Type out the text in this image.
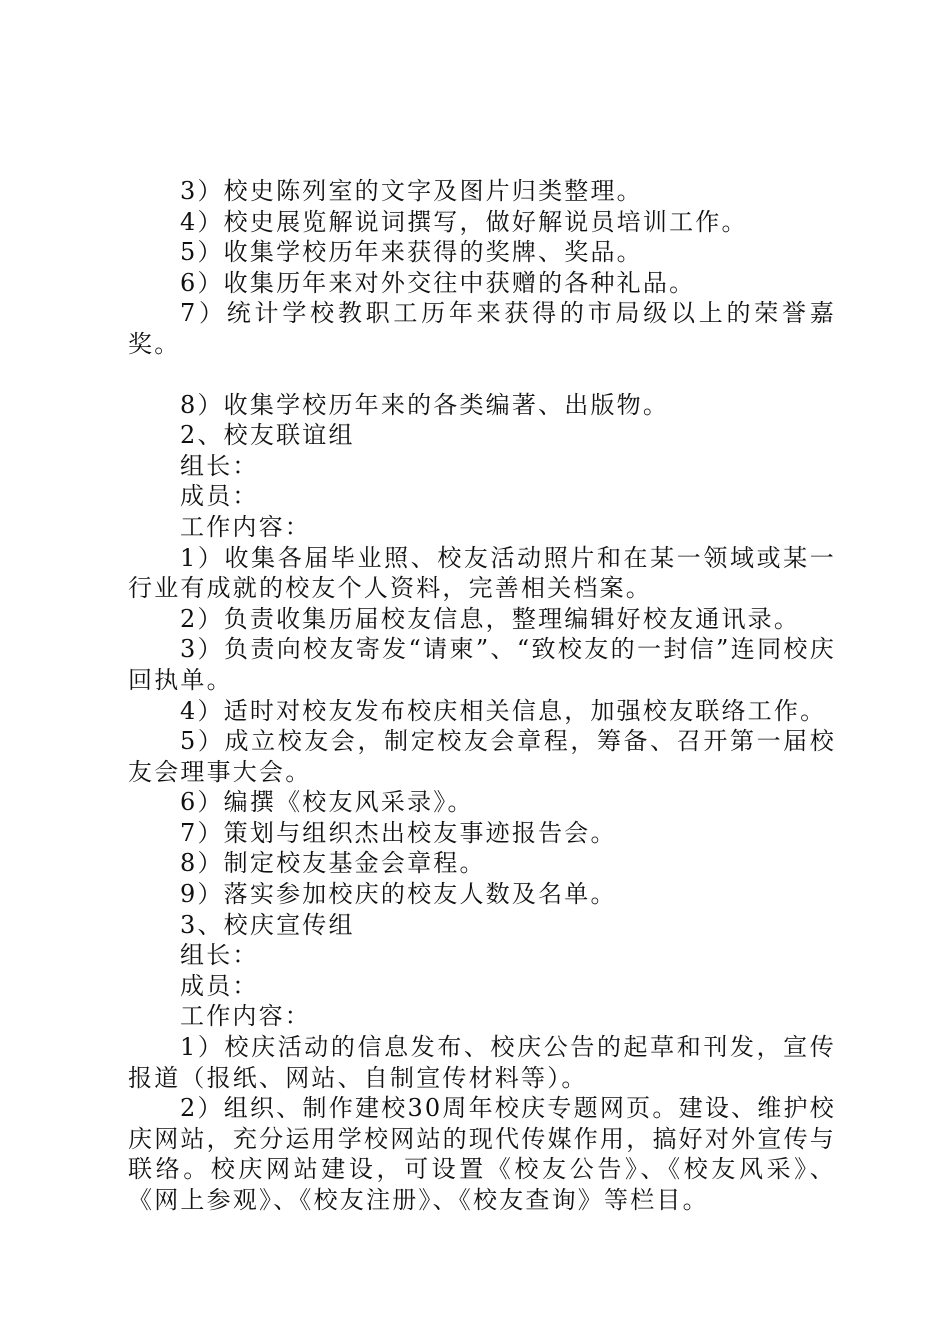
3）校史陈列室的文字及图片归类整理。

4）校史展览解说词撰写，做好解说员培训工作。

5）收集学校历年来获得的奖牌、奖品。

6）收集历年来对外交往中获赠的各种礼品。

7）统计学校教职工历年来获得的市局级以上的荣誉嘉奖。

8）收集学校历年来的各类编著、出版物。

2、校友联谊组

组长：

成员：

工作内容：

1）收集各届毕业照、校友活动照片和在某一领域或某一行业有成就的校友个人资料，完善相关档案。

2）负责收集历届校友信息，整理编辑好校友通讯录。

3）负责向校友寄发“请柬”、“致校友的一封信”连同校庆回执单。

4）适时对校友发布校庆相关信息，加强校友联络工作。

5）成立校友会，制定校友会章程，筹备、召开第一届校友会理事大会。

6）编撰《校友风采录》。

7）策划与组织杰出校友事迹报告会。

8）制定校友基金会章程。

9）落实参加校庆的校友人数及名单。

3、校庆宣传组

组长：

成员：

工作内容：

1）校庆活动的信息发布、校庆公告的起草和刊发，宣传报道（报纸、网站、自制宣传材料等）。

2）组织、制作建校30周年校庆专题网页。建设、维护校庆网站，充分运用学校网站的现代传媒作用，搞好对外宣传与联络。校庆网站建设，可设置《校友公告》、《校友风采》、《网上参观》、《校友注册》、《校友查询》等栏目。
